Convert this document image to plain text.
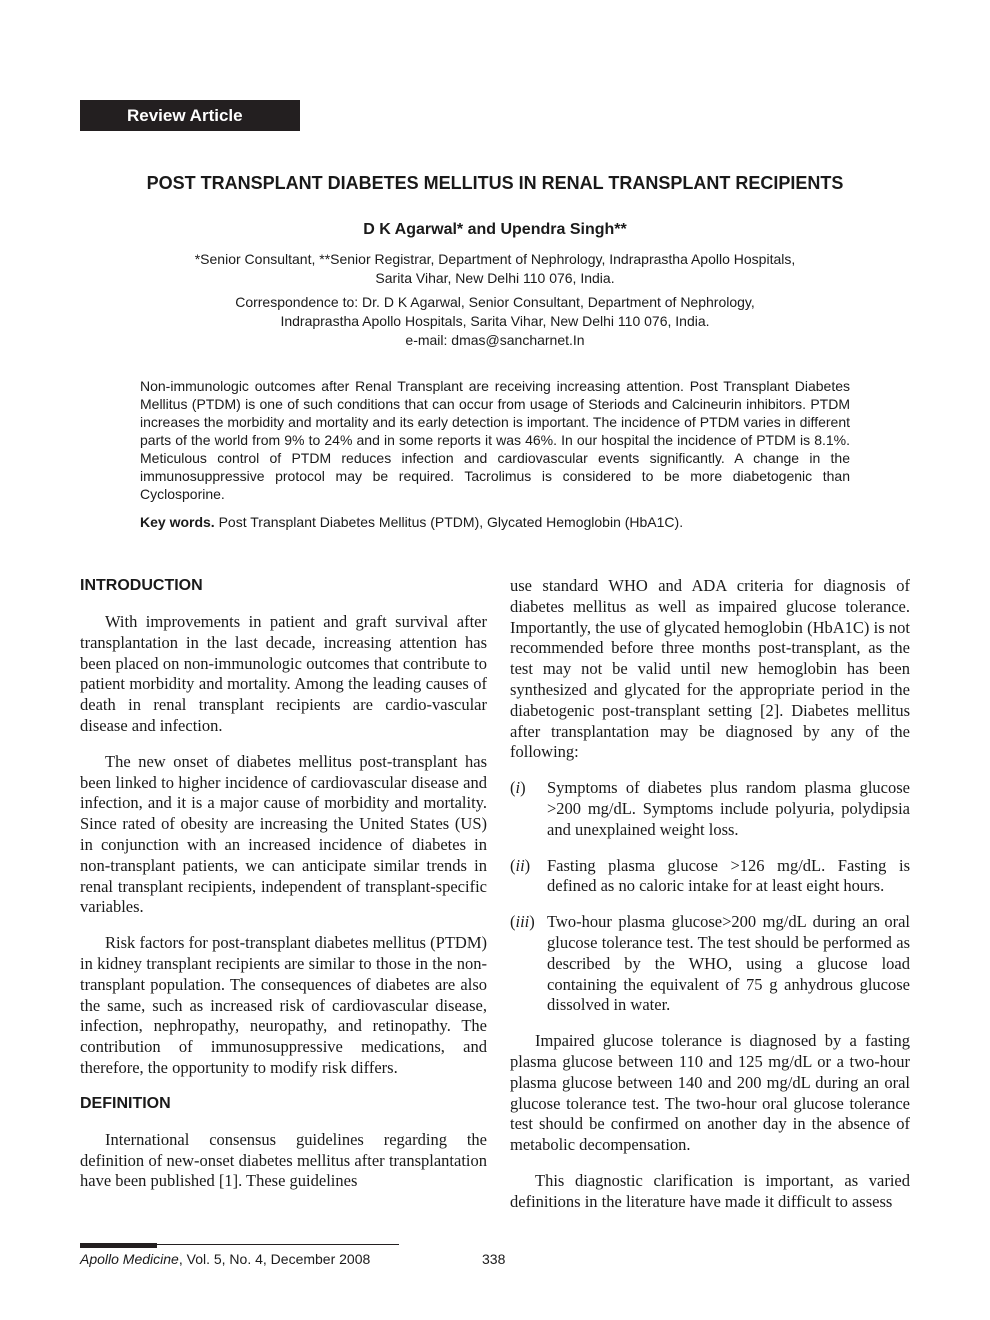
Review Article
POST TRANSPLANT DIABETES MELLITUS IN RENAL TRANSPLANT RECIPIENTS
D K Agarwal* and Upendra Singh**
*Senior Consultant, **Senior Registrar, Department of Nephrology, Indraprastha Apollo Hospitals,
Sarita Vihar, New Delhi 110 076, India.
Correspondence to: Dr. D K Agarwal, Senior Consultant, Department of Nephrology,
Indraprastha Apollo Hospitals, Sarita Vihar, New Delhi 110 076, India.
e-mail: dmas@sancharnet.In
Non-immunologic outcomes after Renal Transplant are receiving increasing attention. Post Transplant Diabetes Mellitus (PTDM) is one of such conditions that can occur from usage of Steriods and Calcineurin inhibitors. PTDM increases the morbidity and mortality and its early detection is important. The incidence of PTDM varies in different parts of the world from 9% to 24% and in some reports it was 46%. In our hospital the incidence of PTDM is 8.1%. Meticulous control of PTDM reduces infection and cardiovascular events significantly. A change in the immunosuppressive protocol may be required. Tacrolimus is considered to be more diabetogenic than Cyclosporine.
Key words. Post Transplant Diabetes Mellitus (PTDM), Glycated Hemoglobin (HbA1C).
INTRODUCTION

With improvements in patient and graft survival after transplantation in the last decade, increasing attention has been placed on non-immunologic outcomes that contribute to patient morbidity and mortality. Among the leading causes of death in renal transplant recipients are cardio-vascular disease and infection.

The new onset of diabetes mellitus post-transplant has been linked to higher incidence of cardiovascular disease and infection, and it is a major cause of morbidity and mortality. Since rated of obesity are increasing the United States (US) in conjunction with an increased incidence of diabetes in non-transplant patients, we can anticipate similar trends in renal transplant recipients, independent of transplant-specific variables.

Risk factors for post-transplant diabetes mellitus (PTDM) in kidney transplant recipients are similar to those in the non-transplant population. The consequences of diabetes are also the same, such as increased risk of cardiovascular disease, infection, nephropathy, neuropathy, and retinopathy. The contribution of immunosuppressive medications, and therefore, the opportunity to modify risk differs.

DEFINITION

International consensus guidelines regarding the definition of new-onset diabetes mellitus after transplantation have been published [1]. These guidelines

use standard WHO and ADA criteria for diagnosis of diabetes mellitus as well as impaired glucose tolerance. Importantly, the use of glycated hemoglobin (HbA1C) is not recommended before three months post-transplant, as the test may not be valid until new hemoglobin has been synthesized and glycated for the appropriate period in the diabetogenic post-transplant setting [2]. Diabetes mellitus after transplantation may be diagnosed by any of the following:

(i)	Symptoms of diabetes plus random plasma glucose >200 mg/dL. Symptoms include polyuria, polydipsia and unexplained weight loss.
(ii)	Fasting plasma glucose >126 mg/dL. Fasting is defined as no caloric intake for at least eight hours.
(iii) Two-hour plasma glucose>200 mg/dL during an oral glucose tolerance test. The test should be performed as described by the WHO, using a glucose load containing the equivalent of 75 g anhydrous glucose dissolved in water.

Impaired glucose tolerance is diagnosed by a fasting plasma glucose between 110 and 125 mg/dL or a two-hour plasma glucose between 140 and 200 mg/dL during an oral glucose tolerance test. The two-hour oral glucose tolerance test should be confirmed on another day in the absence of metabolic decompensation.

This diagnostic clarification is important, as varied definitions in the literature have made it difficult to assess

Apollo Medicine, Vol. 5, No. 4, December 2008	338
